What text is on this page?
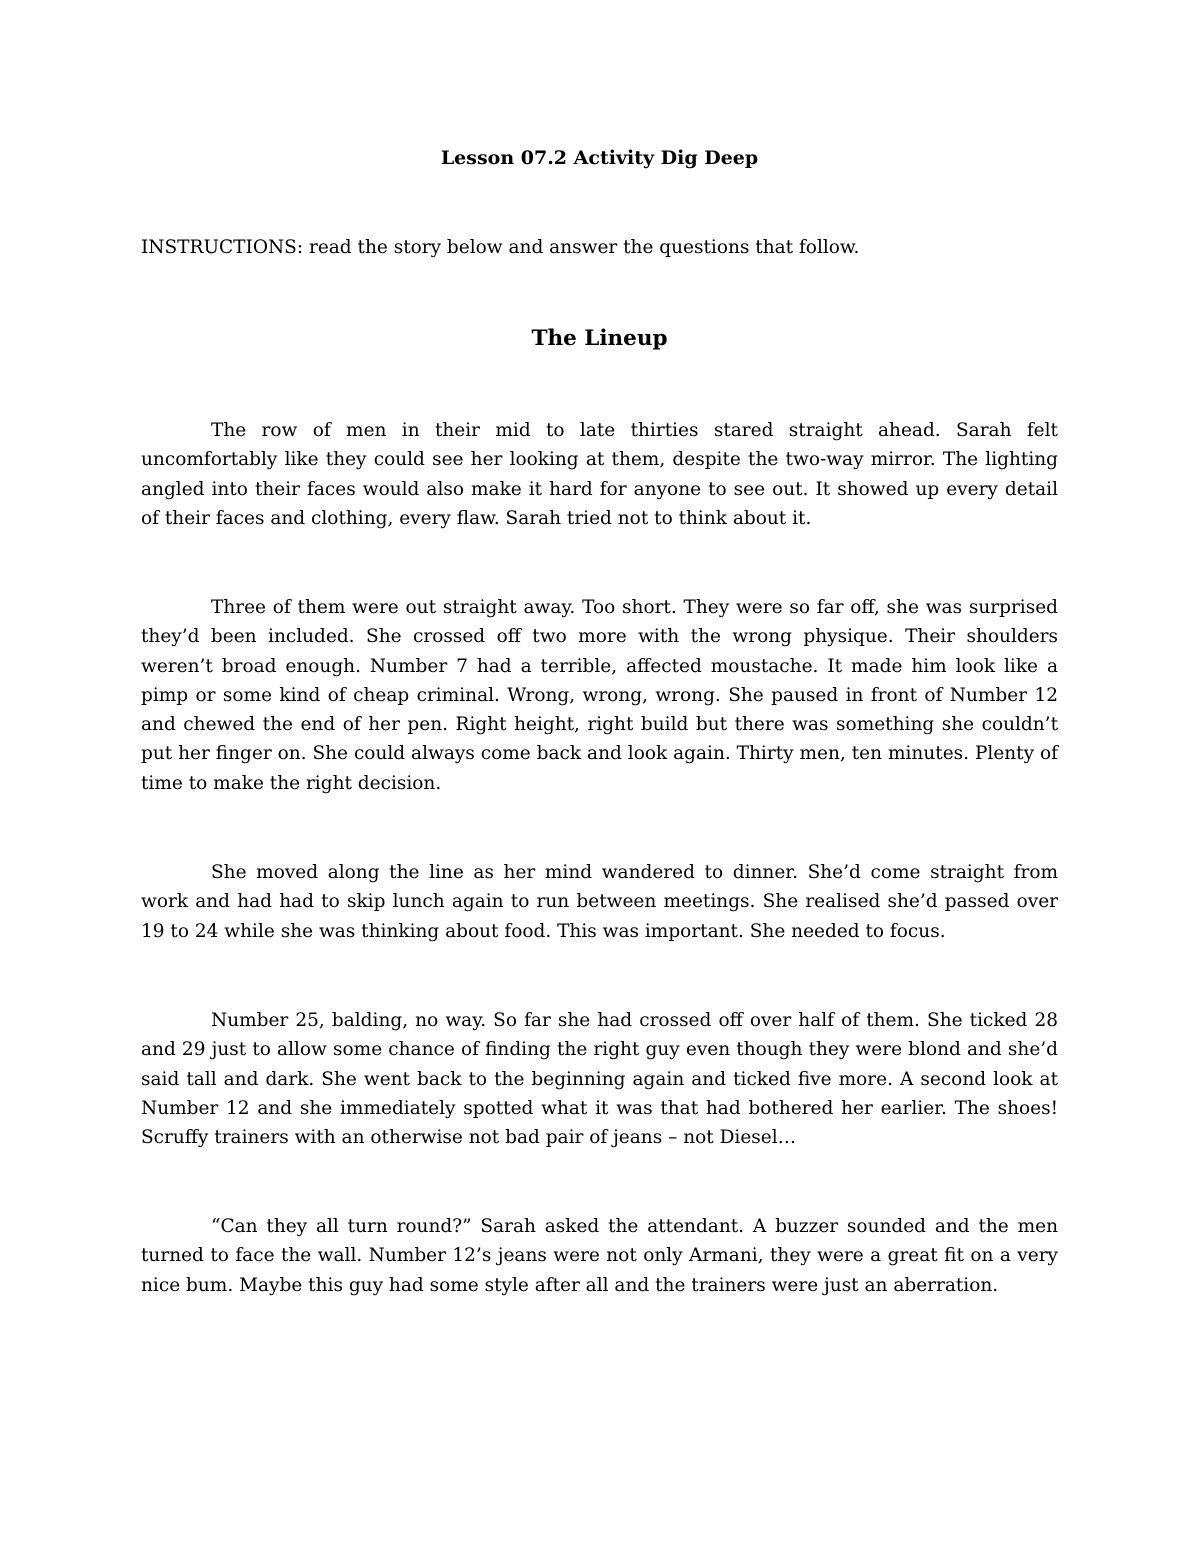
Lesson 07.2 Activity Dig Deep

INSTRUCTIONS: read the story below and answer the questions that follow.

The Lineup

The row of men in their mid to late thirties stared straight ahead. Sarah felt uncomfortably like they could see her looking at them, despite the two-way mirror. The lighting angled into their faces would also make it hard for anyone to see out. It showed up every detail of their faces and clothing, every flaw. Sarah tried not to think about it.

Three of them were out straight away. Too short. They were so far off, she was surprised they’d been included. She crossed off two more with the wrong physique. Their shoulders weren’t broad enough. Number 7 had a terrible, affected moustache. It made him look like a pimp or some kind of cheap criminal. Wrong, wrong, wrong. She paused in front of Number 12 and chewed the end of her pen. Right height, right build but there was something she couldn’t put her finger on. She could always come back and look again. Thirty men, ten minutes. Plenty of time to make the right decision.

She moved along the line as her mind wandered to dinner. She’d come straight from work and had had to skip lunch again to run between meetings. She realised she’d passed over 19 to 24 while she was thinking about food. This was important. She needed to focus.

Number 25, balding, no way. So far she had crossed off over half of them. She ticked 28 and 29 just to allow some chance of finding the right guy even though they were blond and she’d said tall and dark. She went back to the beginning again and ticked five more. A second look at Number 12 and she immediately spotted what it was that had bothered her earlier. The shoes! Scruffy trainers with an otherwise not bad pair of jeans – not Diesel…

“Can they all turn round?” Sarah asked the attendant. A buzzer sounded and the men turned to face the wall. Number 12’s jeans were not only Armani, they were a great fit on a very nice bum. Maybe this guy had some style after all and the trainers were just an aberration.
